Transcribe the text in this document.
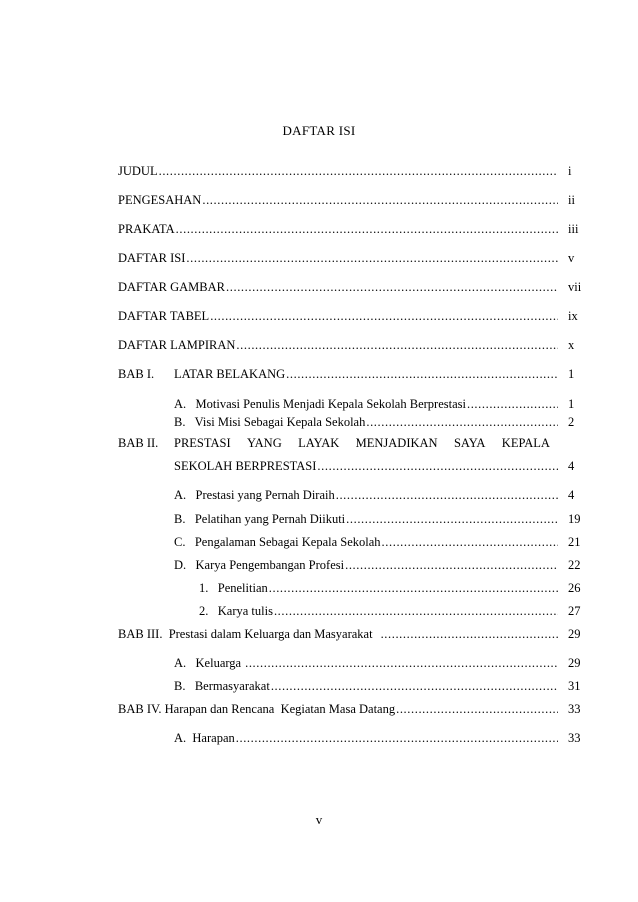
DAFTAR ISI
JUDUL .....	i
PENGESAHAN .....	ii
PRAKATA .....	iii
DAFTAR ISI .....	v
DAFTAR GAMBAR .....	vii
DAFTAR TABEL .....	ix
DAFTAR LAMPIRAN .....	x
BAB I. LATAR BELAKANG .....	1
A.   Motivasi Penulis Menjadi Kepala Sekolah Berprestasi .....	1
B.   Visi Misi Sebagai Kepala Sekolah .....	2
BAB II. PRESTASI YANG LAYAK MENJADIKAN SAYA KEPALA
SEKOLAH BERPRESTASI .....	4
A.   Prestasi yang Pernah Diraih .....	4
B.   Pelatihan yang Pernah Diikuti .....	19
C.   Pengalaman Sebagai Kepala Sekolah .....	21
D.   Karya Pengembangan Profesi .....	22
1.   Penelitian .....	26
2.   Karya tulis .....	27
BAB III.  Prestasi dalam Keluarga dan Masyarakat .....	29
A.   Keluarga .....	29
B.   Bermasyarakat .....	31
BAB IV. Harapan dan Rencana  Kegiatan Masa Datang .....	33
A.  Harapan .....	33
v
